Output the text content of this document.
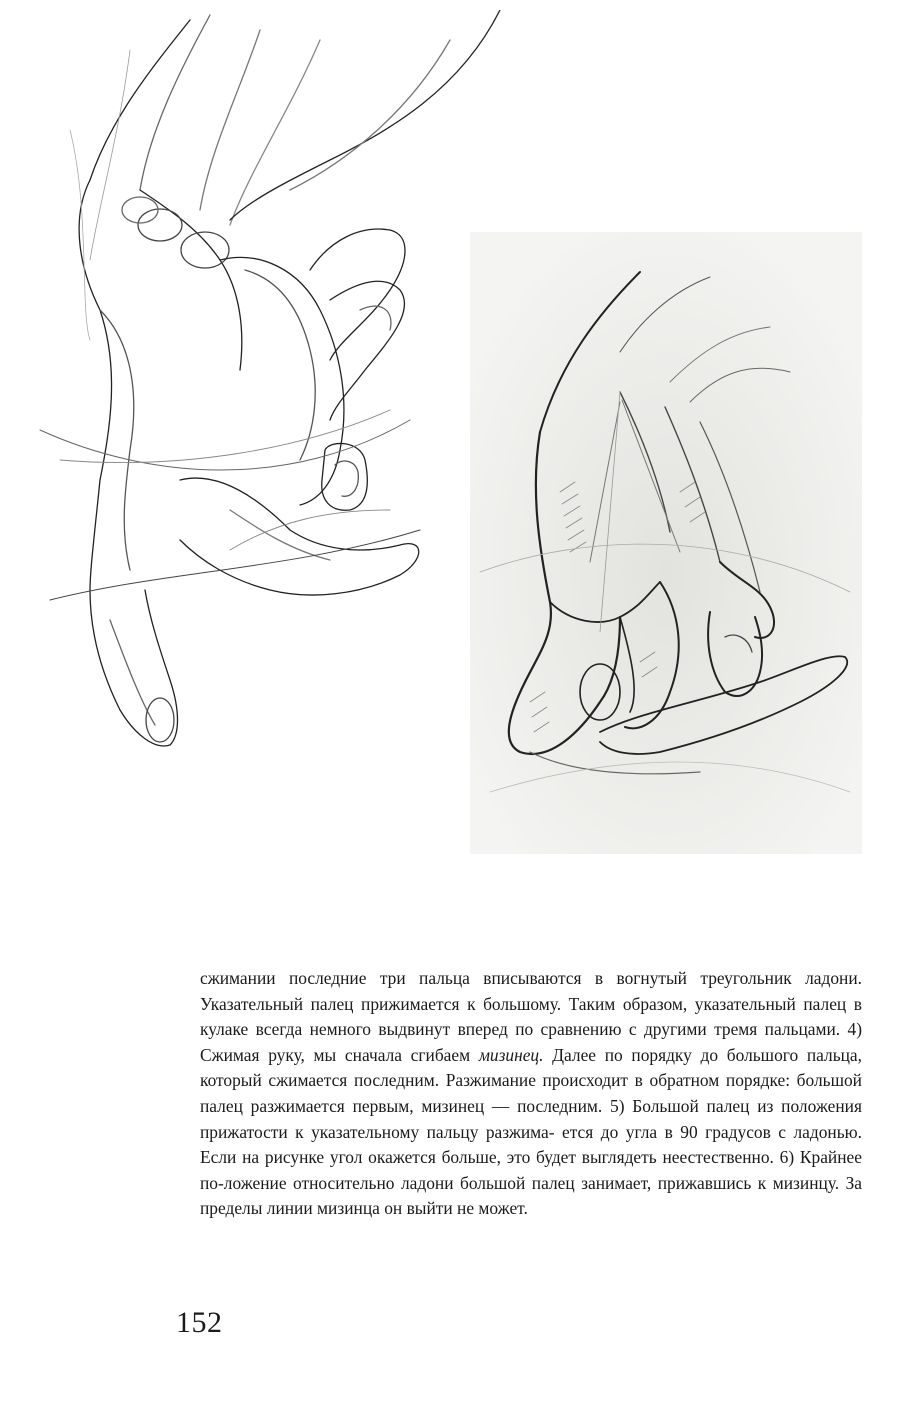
сжимании последние три пальца вписываются в вогнутый треугольник ладони. Указательный палец прижимается к большому. Таким образом, указательный палец в кулаке всегда немного выдвинут вперед по сравнению с другими тремя пальцами. 4) Сжимая руку, мы сначала сгибаем мизинец. Далее по порядку до большого пальца, который сжимается последним. Разжимание происходит в обратном порядке: большой палец разжимается первым, мизинец — последним. 5) Большой палец из положения прижатости к указательному пальцу разжима- ется до угла в 90 градусов с ладонью. Если на рисунке угол окажется больше, это будет выглядеть неестественно. 6) Крайнее по-ложение относительно ладони большой палец занимает, прижавшись к мизинцу. За пределы линии мизинца он выйти не может.

152
